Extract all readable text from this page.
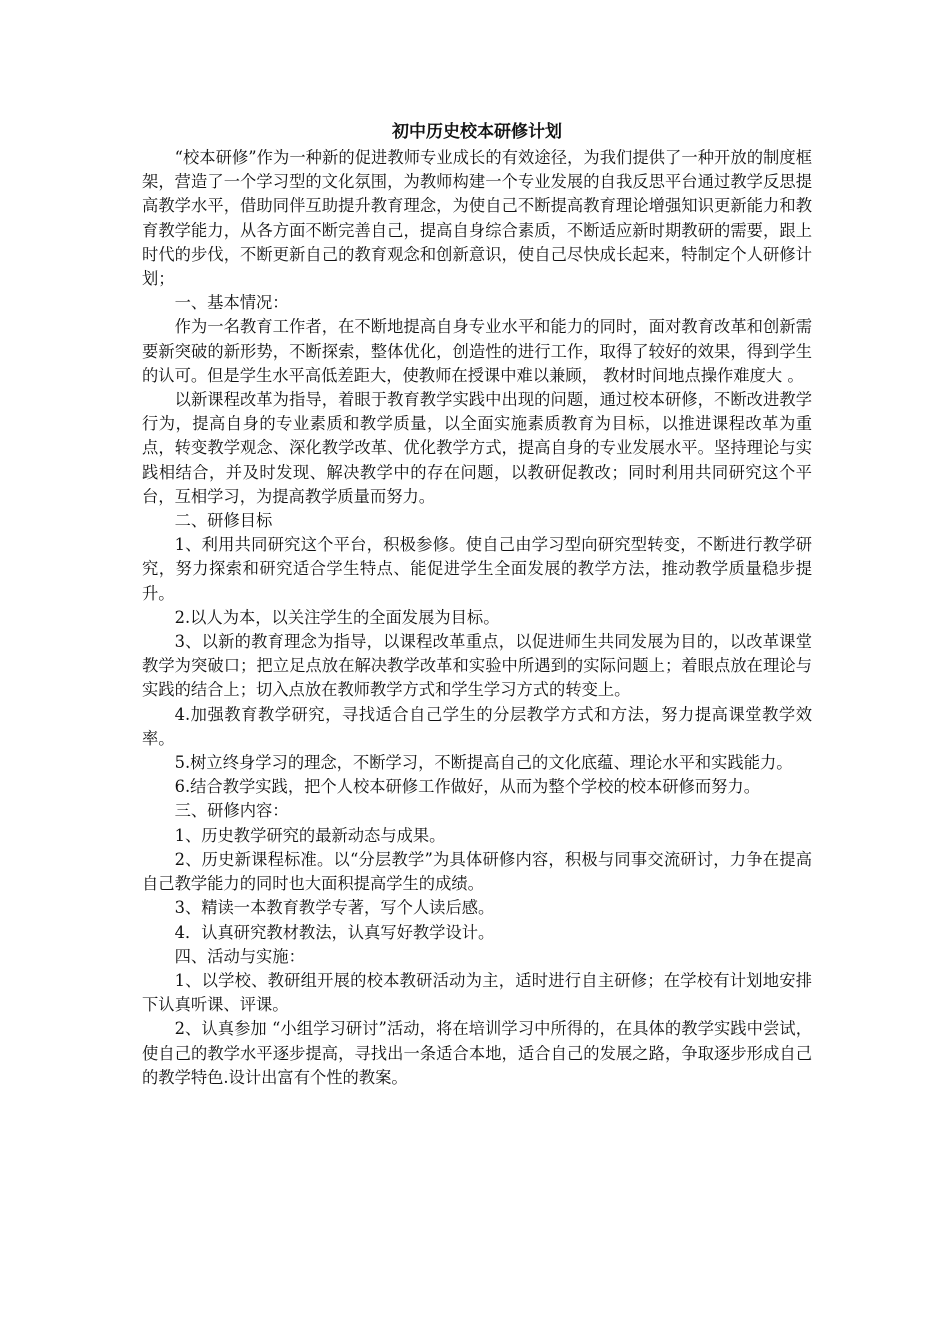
初中历史校本研修计划

“校本研修”作为一种新的促进教师专业成长的有效途径，为我们提供了一种开放的制度框架，营造了一个学习型的文化氛围，为教师构建一个专业发展的自我反思平台通过教学反思提高教学水平，借助同伴互助提升教育理念，为使自己不断提高教育理论增强知识更新能力和教育教学能力，从各方面不断完善自己，提高自身综合素质，不断适应新时期教研的需要，跟上时代的步伐，不断更新自己的教育观念和创新意识，使自己尽快成长起来，特制定个人研修计划；

一、基本情况：

作为一名教育工作者，在不断地提高自身专业水平和能力的同时，面对教育改革和创新需要新突破的新形势，不断探索，整体优化，创造性的进行工作，取得了较好的效果，得到学生的认可。但是学生水平高低差距大，使教师在授课中难以兼顾， 教材时间地点操作难度大 。

以新课程改革为指导，着眼于教育教学实践中出现的问题，通过校本研修，不断改进教学行为，提高自身的专业素质和教学质量，以全面实施素质教育为目标，以推进课程改革为重点，转变教学观念、深化教学改革、优化教学方式，提高自身的专业发展水平。坚持理论与实践相结合，并及时发现、解决教学中的存在问题，以教研促教改；同时利用共同研究这个平台，互相学习，为提高教学质量而努力。

二、研修目标

1、利用共同研究这个平台，积极参修。使自己由学习型向研究型转变，不断进行教学研究，努力探索和研究适合学生特点、能促进学生全面发展的教学方法，推动教学质量稳步提升。

2.以人为本，以关注学生的全面发展为目标。

3、以新的教育理念为指导，以课程改革重点，以促进师生共同发展为目的，以改革课堂教学为突破口；把立足点放在解决教学改革和实验中所遇到的实际问题上；着眼点放在理论与实践的结合上；切入点放在教师教学方式和学生学习方式的转变上。

4.加强教育教学研究，寻找适合自己学生的分层教学方式和方法，努力提高课堂教学效率。

5.树立终身学习的理念，不断学习，不断提高自己的文化底蕴、理论水平和实践能力。

6.结合教学实践，把个人校本研修工作做好，从而为整个学校的校本研修而努力。

三、研修内容：

1、历史教学研究的最新动态与成果。

2、历史新课程标准。以“分层教学”为具体研修内容，积极与同事交流研讨，力争在提高自己教学能力的同时也大面积提高学生的成绩。

3、精读一本教育教学专著，写个人读后感。

4．认真研究教材教法，认真写好教学设计。

四、活动与实施：

1、以学校、教研组开展的校本教研活动为主，适时进行自主研修；在学校有计划地安排下认真听课、评课。

2、认真参加 “小组学习研讨”活动，将在培训学习中所得的，在具体的教学实践中尝试，使自己的教学水平逐步提高，寻找出一条适合本地，适合自己的发展之路，争取逐步形成自己的教学特色.设计出富有个性的教案。
